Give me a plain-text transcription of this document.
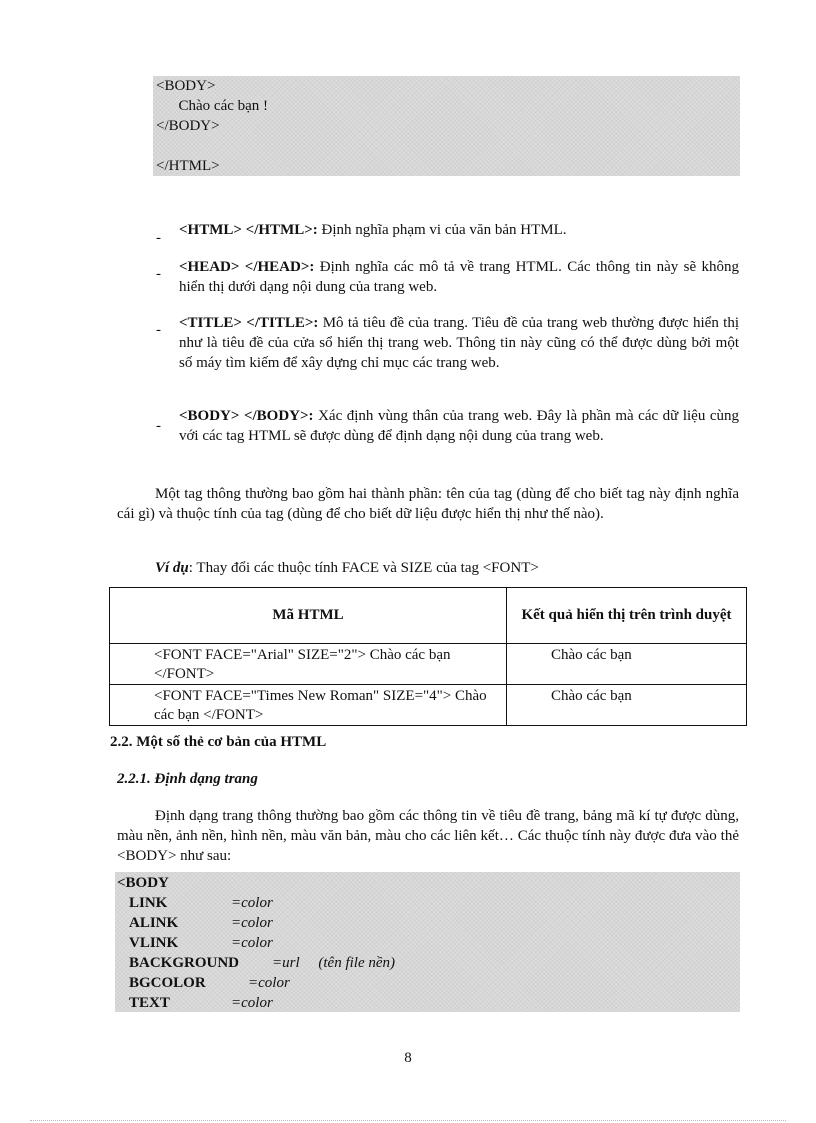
<BODY>
Chào các bạn !
</BODY>
</HTML>
- <HTML> </HTML>: Định nghĩa phạm vi của văn bản HTML.
- <HEAD> </HEAD>: Định nghĩa các mô tả về trang HTML. Các thông tin này sẽ không hiển thị dưới dạng nội dung của trang web.
- <TITLE> </TITLE>: Mô tả tiêu đề của trang. Tiêu đề của trang web thường được hiển thị như là tiêu đề của cửa sổ hiển thị trang web. Thông tin này cũng có thể được dùng bởi một số máy tìm kiếm để xây dựng chỉ mục các trang web.
-
<BODY> </BODY>: Xác định vùng thân của trang web. Đây là phần mà các dữ liệu cùng với các tag HTML sẽ được dùng để định dạng nội dung của trang web.
Một tag thông thường bao gồm hai thành phần: tên của tag (dùng để cho biết tag này định nghĩa cái gì) và thuộc tính của tag (dùng để cho biết dữ liệu được hiển thị như thế nào).
Ví dụ: Thay đổi các thuộc tính FACE và SIZE của tag <FONT>
Mã HTML	Kết quả hiển thị trên trình duyệt

<FONT FACE="Arial" SIZE="2"> Chào các bạn </FONT>	Chào các bạn

<FONT FACE="Times New Roman" SIZE="4"> Chào các bạn </FONT>	Chào các bạn
2.2. Một số thẻ cơ bản của HTML
2.2.1. Định dạng trang
Định dạng trang thông thường bao gồm các thông tin về tiêu đề trang, bảng mã kí tự được dùng, màu nền, ảnh nền, hình nền, màu văn bản, màu cho các liên kết… Các thuộc tính này được đưa vào thẻ <BODY> như sau:
<BODY
LINK	=color
ALINK	=color
VLINK	=color
BACKGROUND =url     (tên file nền)
BGCOLOR	=color
TEXT	=color
8
